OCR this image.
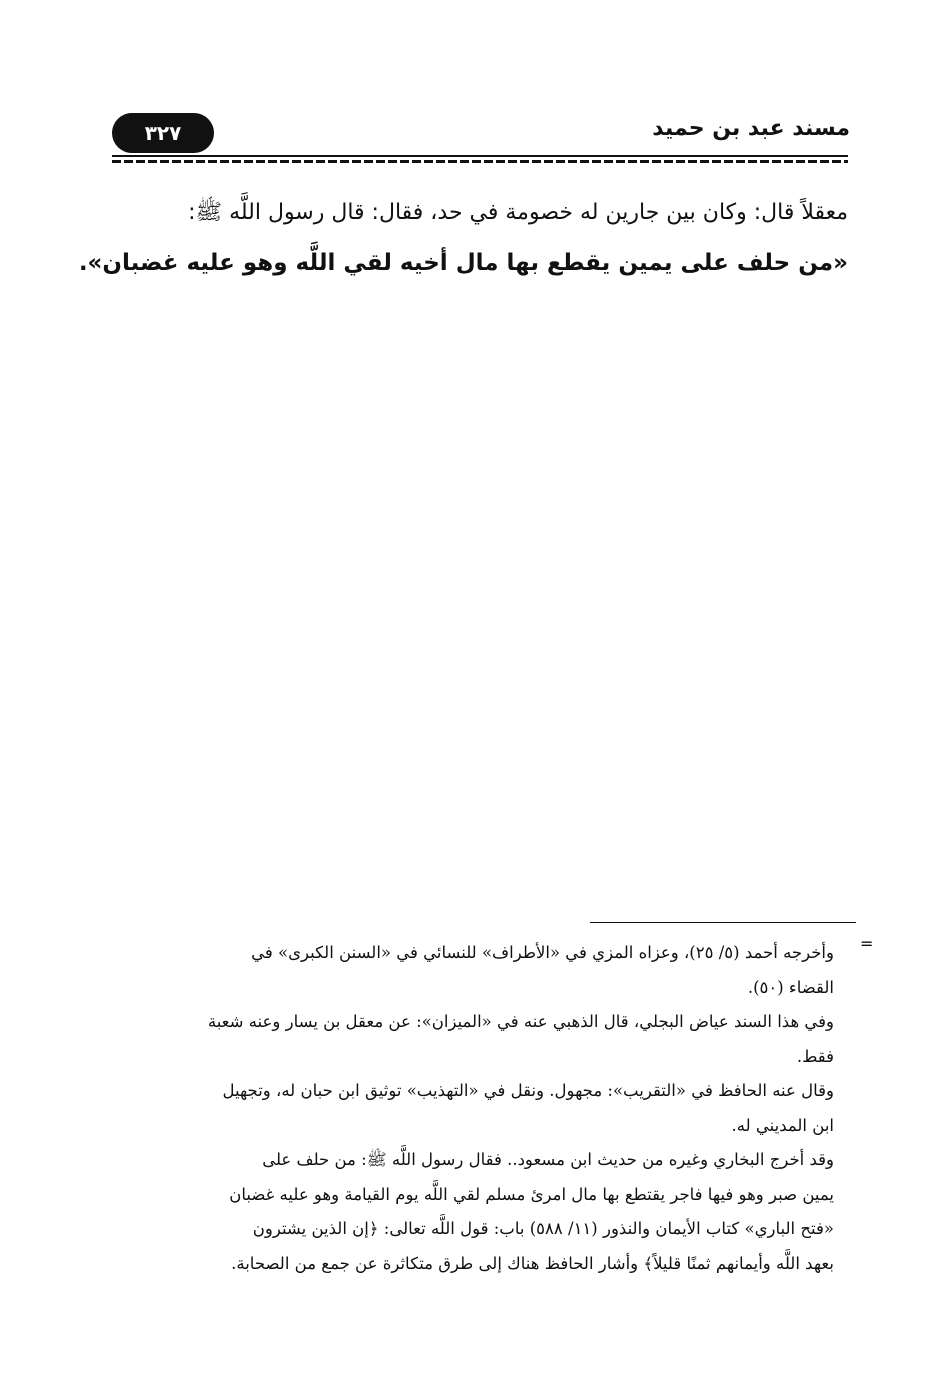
مسند عبد بن حميد
٣٢٧

معقلاً قال: وكان بين جارين له خصومة في حد، فقال: قال رسول اللَّه ﷺ:

«من حلف على يمين يقطع بها مال أخيه لقي اللَّه وهو عليه غضبان».

=

وأخرجه أحمد (٥/ ٢٥)، وعزاه المزي في «الأطراف» للنسائي في «السنن الكبرى» في

القضاء (٥٠).

وفي هذا السند عياض البجلي، قال الذهبي عنه في «الميزان»: عن معقل بن يسار وعنه شعبة

فقط.

وقال عنه الحافظ في «التقريب»: مجهول. ونقل في «التهذيب» توثيق ابن حبان له، وتجهيل

ابن المديني له.

وقد أخرج البخاري وغيره من حديث ابن مسعود.. فقال رسول اللَّه ﷺ: من حلف على

يمين صبر وهو فيها فاجر يقتطع بها مال امرئ مسلم لقي اللَّه يوم القيامة وهو عليه غضبان

«فتح الباري» كتاب الأيمان والنذور (١١/ ٥٨٨) باب: قول اللَّه تعالى: ﴿إن الذين يشترون

بعهد اللَّه وأيمانهم ثمنًا قليلاً﴾ وأشار الحافظ هناك إلى طرق متكاثرة عن جمع من الصحابة.
